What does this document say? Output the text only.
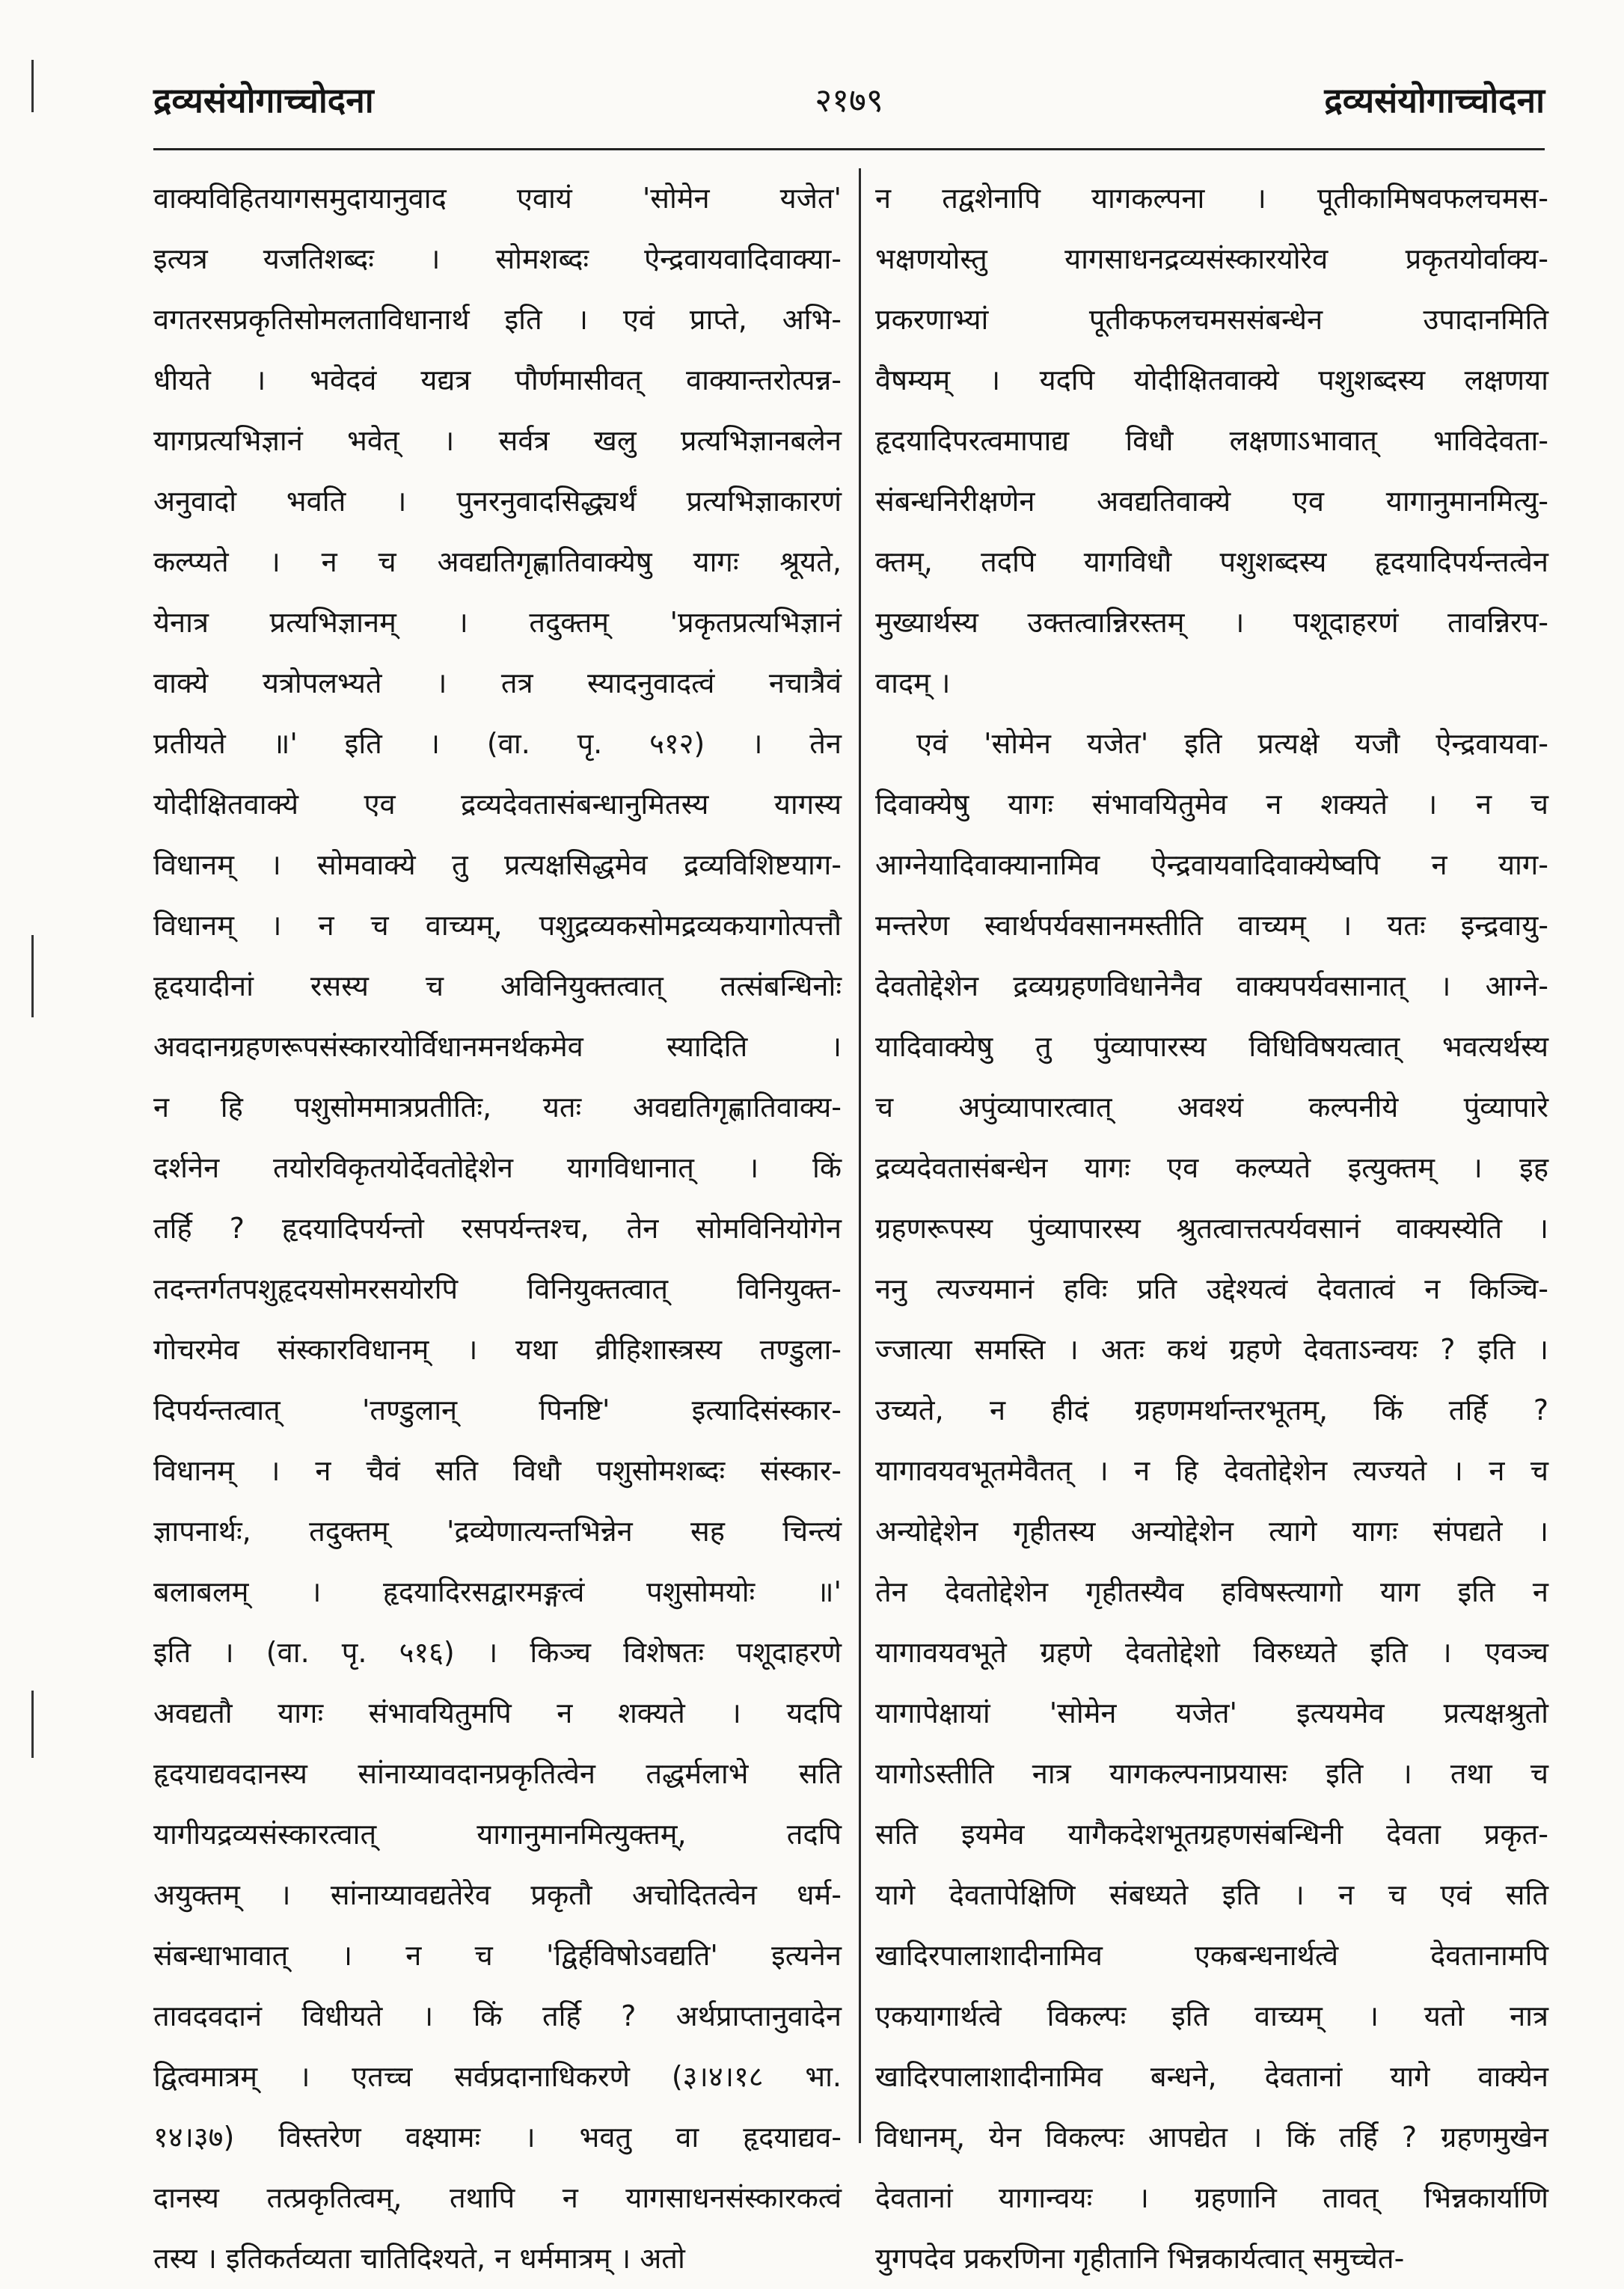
द्रव्यसंयोगाच्चोदना	२१७९	द्रव्यसंयोगाच्चोदना
वाक्यविहितयागसमुदायानुवाद एवायं 'सोमेन यजेत'
इत्यत्र यजतिशब्दः । सोमशब्दः ऐन्द्रवायवादिवाक्या-
वगतरसप्रकृतिसोमलताविधानार्थ इति । एवं प्राप्ते, अभि-
धीयते । भवेदवं यद्यत्र पौर्णमासीवत् वाक्यान्तरोत्पन्न-
यागप्रत्यभिज्ञानं भवेत् । सर्वत्र खलु प्रत्यभिज्ञानबलेन
अनुवादो भवति । पुनरनुवादसिद्ध्यर्थं प्रत्यभिज्ञाकारणं
कल्प्यते । न च अवद्यतिगृह्णातिवाक्येषु यागः श्रूयते,
येनात्र प्रत्यभिज्ञानम् । तदुक्तम् 'प्रकृतप्रत्यभिज्ञानं
वाक्ये यत्रोपलभ्यते । तत्र स्यादनुवादत्वं नचात्रैवं
प्रतीयते ॥' इति । (वा. पृ. ५१२) । तेन
योदीक्षितवाक्ये एव द्रव्यदेवतासंबन्धानुमितस्य यागस्य
विधानम् । सोमवाक्ये तु प्रत्यक्षसिद्धमेव द्रव्यविशिष्टयाग-
विधानम् । न च वाच्यम्, पशुद्रव्यकसोमद्रव्यकयागोत्पत्तौ
हृदयादीनां रसस्य च अविनियुक्तत्वात् तत्संबन्धिनोः
अवदानग्रहणरूपसंस्कारयोर्विधानमनर्थकमेव स्यादिति ।
न हि पशुसोममात्रप्रतीतिः, यतः अवद्यतिगृह्णातिवाक्य-
दर्शनेन तयोरविकृतयोर्देवतोद्देशेन यागविधानात् । किं
तर्हि ? हृदयादिपर्यन्तो रसपर्यन्तश्च, तेन सोमविनियोगेन
तदन्तर्गतपशुहृदयसोमरसयोरपि विनियुक्तत्वात् विनियुक्त-
गोचरमेव संस्कारविधानम् । यथा व्रीहिशास्त्रस्य तण्डुला-
दिपर्यन्तत्वात् 'तण्डुलान् पिनष्टि' इत्यादिसंस्कार-
विधानम् । न चैवं सति विधौ पशुसोमशब्दः संस्कार-
ज्ञापनार्थः, तदुक्तम् 'द्रव्येणात्यन्तभिन्नेन सह चिन्त्यं
बलाबलम् । हृदयादिरसद्वारमङ्गत्वं पशुसोमयोः ॥'
इति । (वा. पृ. ५१६) । किञ्च विशेषतः पशूदाहरणे
अवद्यतौ यागः संभावयितुमपि न शक्यते । यदपि
हृदयाद्यवदानस्य सांनाय्यावदानप्रकृतित्वेन तद्धर्मलाभे सति
यागीयद्रव्यसंस्कारत्वात् यागानुमानमित्युक्तम्, तदपि
अयुक्तम् । सांनाय्यावद्यतेरेव प्रकृतौ अचोदितत्वेन धर्म-
संबन्धाभावात् । न च 'द्विर्हविषोऽवद्यति' इत्यनेन
तावदवदानं विधीयते । किं तर्हि ? अर्थप्राप्तानुवादेन
द्वित्वमात्रम् । एतच्च सर्वप्रदानाधिकरणे (३।४।१८ भा.
१४।३७) विस्तरेण वक्ष्यामः । भवतु वा हृदयाद्यव-
दानस्य तत्प्रकृतित्वम्, तथापि न यागसाधनसंस्कारकत्वं
तस्य । इतिकर्तव्यता चातिदिश्यते, न धर्ममात्रम् । अतो
न तद्वशेनापि यागकल्पना । पूतीकामिषवफलचमस-
भक्षणयोस्तु यागसाधनद्रव्यसंस्कारयोरेव प्रकृतयोर्वाक्य-
प्रकरणाभ्यां पूतीकफलचमससंबन्धेन उपादानमिति
वैषम्यम् । यदपि योदीक्षितवाक्ये पशुशब्दस्य लक्षणया
हृदयादिपरत्वमापाद्य विधौ लक्षणाऽभावात् भाविदेवता-
संबन्धनिरीक्षणेन अवद्यतिवाक्ये एव यागानुमानमित्यु-
क्तम्, तदपि यागविधौ पशुशब्दस्य हृदयादिपर्यन्तत्वेन
मुख्यार्थस्य उक्तत्वान्निरस्तम् । पशूदाहरणं तावन्निरप-
वादम् ।
एवं 'सोमेन यजेत' इति प्रत्यक्षे यजौ ऐन्द्रवायवा-
दिवाक्येषु यागः संभावयितुमेव न शक्यते । न च
आग्नेयादिवाक्यानामिव ऐन्द्रवायवादिवाक्येष्वपि न याग-
मन्तरेण स्वार्थपर्यवसानमस्तीति वाच्यम् । यतः इन्द्रवायु-
देवतोद्देशेन द्रव्यग्रहणविधानेनैव वाक्यपर्यवसानात् । आग्ने-
यादिवाक्येषु तु पुंव्यापारस्य विधिविषयत्वात् भवत्यर्थस्य
च अपुंव्यापारत्वात् अवश्यं कल्पनीये पुंव्यापारे
द्रव्यदेवतासंबन्धेन यागः एव कल्प्यते इत्युक्तम् । इह
ग्रहणरूपस्य पुंव्यापारस्य श्रुतत्वात्तत्पर्यवसानं वाक्यस्येति ।
ननु त्यज्यमानं हविः प्रति उद्देश्यत्वं देवतात्वं न किञ्चि-
ज्जात्या समस्ति । अतः कथं ग्रहणे देवताऽन्वयः ? इति ।
उच्यते, न हीदं ग्रहणमर्थान्तरभूतम्, किं तर्हि ?
यागावयवभूतमेवैतत् । न हि देवतोद्देशेन त्यज्यते । न च
अन्योद्देशेन गृहीतस्य अन्योद्देशेन त्यागे यागः संपद्यते ।
तेन देवतोद्देशेन गृहीतस्यैव हविषस्त्यागो याग इति न
यागावयवभूते ग्रहणे देवतोद्देशो विरुध्यते इति । एवञ्च
यागापेक्षायां 'सोमेन यजेत' इत्ययमेव प्रत्यक्षश्रुतो
यागोऽस्तीति नात्र यागकल्पनाप्रयासः इति । तथा च
सति इयमेव यागैकदेशभूतग्रहणसंबन्धिनी देवता प्रकृत-
यागे देवतापेक्षिणि संबध्यते इति । न च एवं सति
खादिरपालाशादीनामिव एकबन्धनार्थत्वे देवतानामपि
एकयागार्थत्वे विकल्पः इति वाच्यम् । यतो नात्र
खादिरपालाशादीनामिव बन्धने, देवतानां यागे वाक्येन
विधानम्, येन विकल्पः आपद्येत । किं तर्हि ? ग्रहणमुखेन
देवतानां यागान्वयः । ग्रहणानि तावत् भिन्नकार्याणि
युगपदेव प्रकरणिना गृहीतानि भिन्नकार्यत्वात् समुच्चेत-
